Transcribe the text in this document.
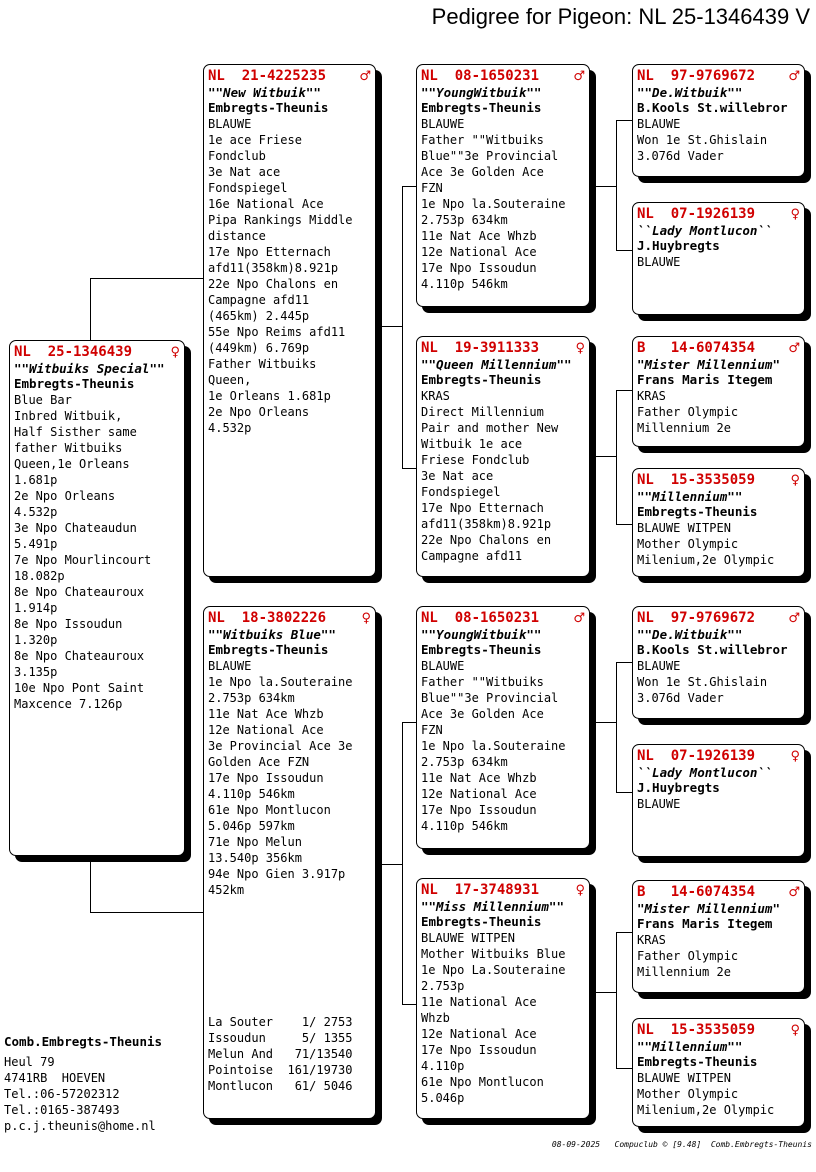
Pedigree for Pigeon: NL 25-1346439 V
NL  25-1346439	♀
""Witbuiks Special""
Embregts-Theunis
Blue Bar
Inbred Witbuik,
Half Sisther same
father Witbuiks
Queen,1e Orleans
1.681p
2e Npo Orleans
4.532p
3e Npo Chateaudun
5.491p
7e Npo Mourlincourt
18.082p
8e Npo Chateauroux
1.914p
8e Npo Issoudun
1.320p
8e Npo Chateauroux
3.135p
10e Npo Pont Saint
Maxcence 7.126p
NL  21-4225235	♂
""New Witbuik""
Embregts-Theunis
BLAUWE
1e ace Friese
Fondclub
3e Nat ace
Fondspiegel
16e National Ace
Pipa Rankings Middle
distance
17e Npo Etternach
afd11(358km)8.921p
22e Npo Chalons en
Campagne afd11
(465km) 2.445p
55e Npo Reims afd11
(449km) 6.769p
Father Witbuiks
Queen,
1e Orleans 1.681p
2e Npo Orleans
4.532p
NL  18-3802226	♀
""Witbuiks Blue""
Embregts-Theunis
BLAUWE
1e Npo la.Souteraine
2.753p 634km
11e Nat Ace Whzb
12e National Ace
3e Provincial Ace 3e
Golden Ace FZN
17e Npo Issoudun
4.110p 546km
61e Npo Montlucon
5.046p 597km
71e Npo Melun
13.540p 356km
94e Npo Gien 3.917p
452km
La Souter    1/ 2753
Issoudun     5/ 1355
Melun And   71/13540
Pointoise  161/19730
Montlucon   61/ 5046
NL  08-1650231	♂
""YoungWitbuik""
Embregts-Theunis
BLAUWE
Father ""Witbuiks
Blue""3e Provincial
Ace 3e Golden Ace
FZN
1e Npo la.Souteraine
2.753p 634km
11e Nat Ace Whzb
12e National Ace
17e Npo Issoudun
4.110p 546km
NL  19-3911333	♀
""Queen Millennium""
Embregts-Theunis
KRAS
Direct Millennium
Pair and mother New
Witbuik 1e ace
Friese Fondclub
3e Nat ace
Fondspiegel
17e Npo Etternach
afd11(358km)8.921p
22e Npo Chalons en
Campagne afd11
NL  08-1650231	♂
""YoungWitbuik""
Embregts-Theunis
BLAUWE
Father ""Witbuiks
Blue""3e Provincial
Ace 3e Golden Ace
FZN
1e Npo la.Souteraine
2.753p 634km
11e Nat Ace Whzb
12e National Ace
17e Npo Issoudun
4.110p 546km
NL  17-3748931	♀
""Miss Millennium""
Embregts-Theunis
BLAUWE WITPEN
Mother Witbuiks Blue
1e Npo La.Souteraine
2.753p
11e National Ace
Whzb
12e National Ace
17e Npo Issoudun
4.110p
61e Npo Montlucon
5.046p
NL  97-9769672	♂
""De.Witbuik""
B.Kools St.willebror
BLAUWE
Won 1e St.Ghislain
3.076d Vader
NL  07-1926139	♀
``Lady Montlucon``
J.Huybregts
BLAUWE
B   14-6074354	♂
"Mister Millennium"
Frans Maris Itegem
KRAS
Father Olympic
Millennium 2e
NL  15-3535059	♀
""Millennium""
Embregts-Theunis
BLAUWE WITPEN
Mother Olympic
Milenium,2e Olympic
NL  97-9769672	♂
""De.Witbuik""
B.Kools St.willebror
BLAUWE
Won 1e St.Ghislain
3.076d Vader
NL  07-1926139	♀
``Lady Montlucon``
J.Huybregts
BLAUWE
B   14-6074354	♂
"Mister Millennium"
Frans Maris Itegem
KRAS
Father Olympic
Millennium 2e
NL  15-3535059	♀
""Millennium""
Embregts-Theunis
BLAUWE WITPEN
Mother Olympic
Milenium,2e Olympic
Comb.Embregts-Theunis
Heul 79
4741RB  HOEVEN
Tel.:06-57202312
Tel.:0165-387493
p.c.j.theunis@home.nl
08-09-2025   Compuclub © [9.48]  Comb.Embregts-Theunis
